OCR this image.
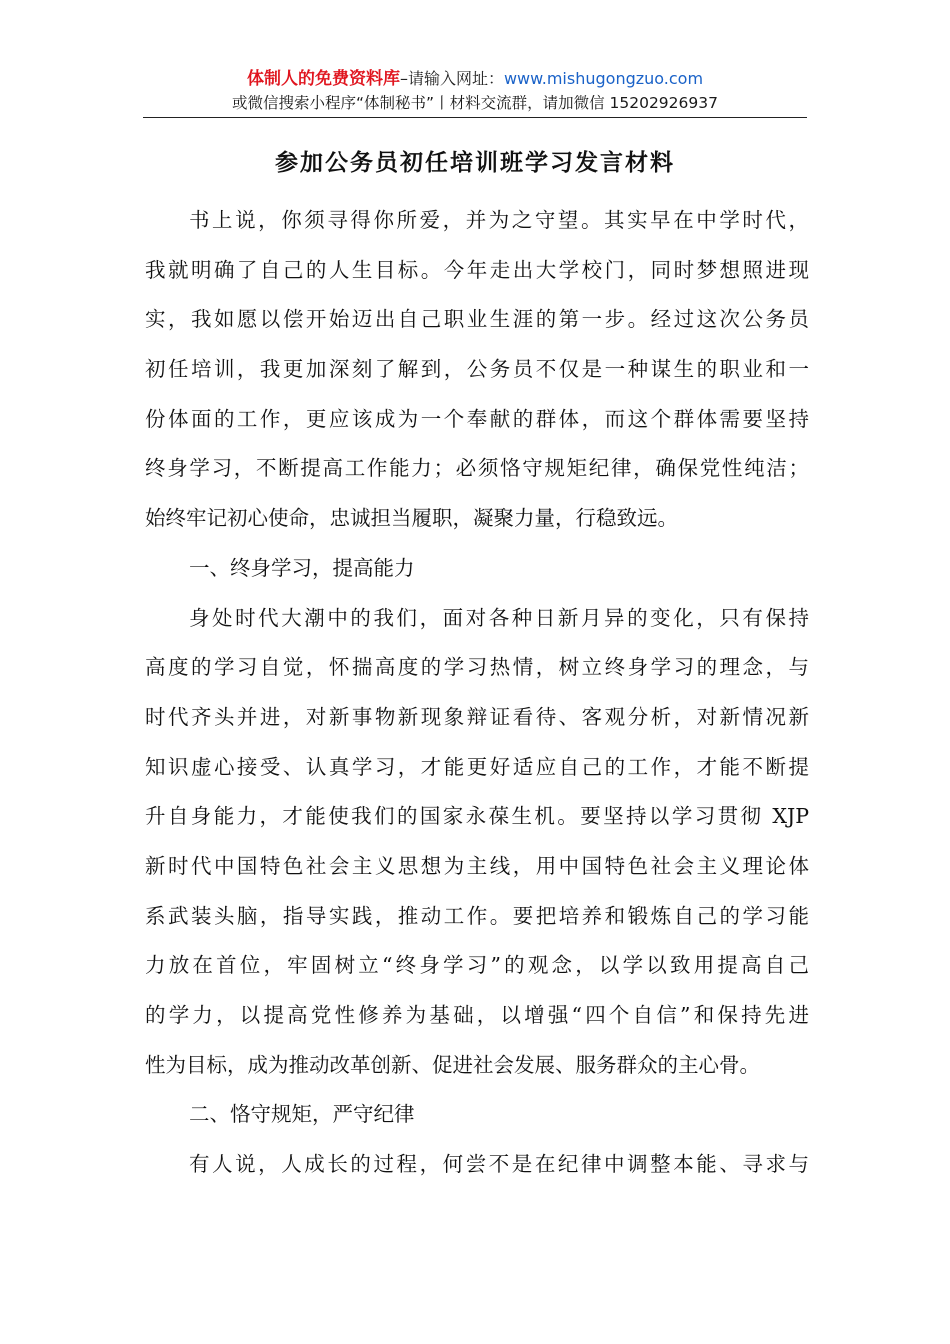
体制人的免费资料库–请输入网址：www.mishugongzuo.com
或微信搜索小程序“体制秘书”丨材料交流群，请加微信 15202926937
参加公务员初任培训班学习发言材料
书上说，你须寻得你所爱，并为之守望。其实早在中学时代，
我就明确了自己的人生目标。今年走出大学校门，同时梦想照进现
实，我如愿以偿开始迈出自己职业生涯的第一步。经过这次公务员
初任培训，我更加深刻了解到，公务员不仅是一种谋生的职业和一
份体面的工作，更应该成为一个奉献的群体，而这个群体需要坚持
终身学习，不断提高工作能力；必须恪守规矩纪律，确保党性纯洁；
始终牢记初心使命，忠诚担当履职，凝聚力量，行稳致远。
一、终身学习，提高能力
身处时代大潮中的我们，面对各种日新月异的变化，只有保持
高度的学习自觉，怀揣高度的学习热情，树立终身学习的理念，与
时代齐头并进，对新事物新现象辩证看待、客观分析，对新情况新
知识虚心接受、认真学习，才能更好适应自己的工作，才能不断提
升自身能力，才能使我们的国家永葆生机。要坚持以学习贯彻 XJP
新时代中国特色社会主义思想为主线，用中国特色社会主义理论体
系武装头脑，指导实践，推动工作。要把培养和锻炼自己的学习能
力放在首位，牢固树立“终身学习”的观念，以学以致用提高自己
的学力，以提高党性修养为基础，以增强“四个自信”和保持先进
性为目标，成为推动改革创新、促进社会发展、服务群众的主心骨。
二、恪守规矩，严守纪律
有人说，人成长的过程，何尝不是在纪律中调整本能、寻求与
